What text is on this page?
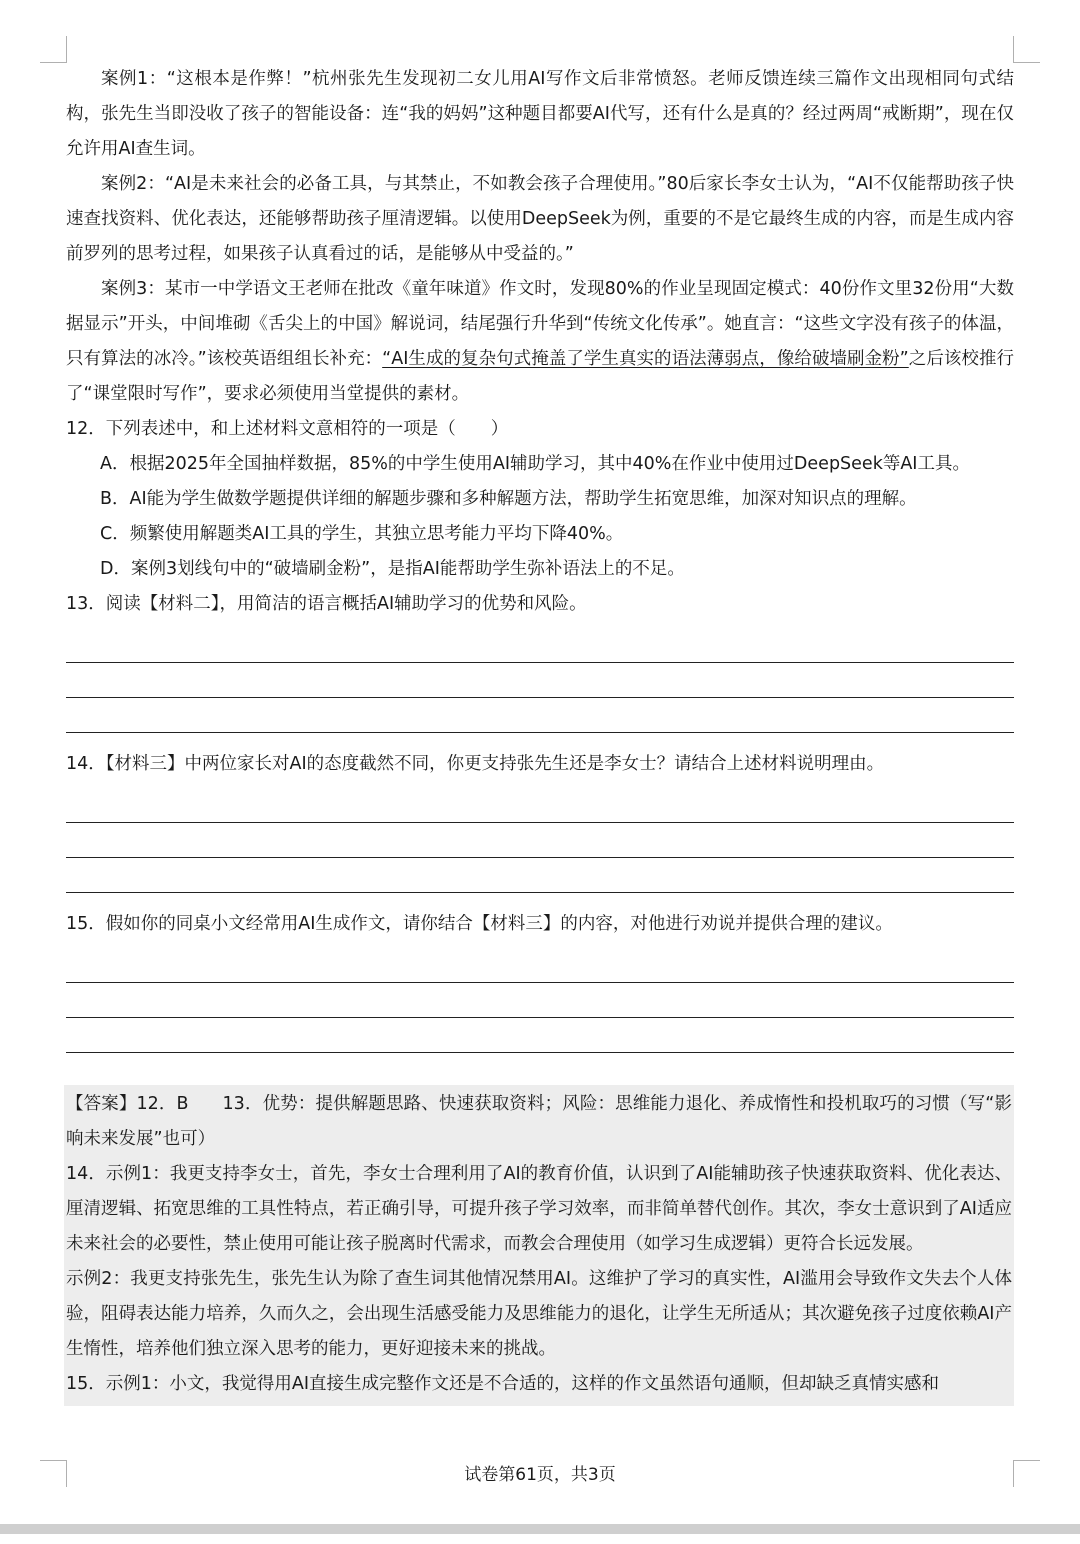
案例1：“这根本是作弊！”杭州张先生发现初二女儿用AI写作文后非常愤怒。老师反馈连续三篇作文出现相同句式结构，张先生当即没收了孩子的智能设备：连“我的妈妈”这种题目都要AI代写，还有什么是真的？经过两周“戒断期”，现在仅允许用AI查生词。

案例2：“AI是未来社会的必备工具，与其禁止，不如教会孩子合理使用。”80后家长李女士认为，“AI不仅能帮助孩子快速查找资料、优化表达，还能够帮助孩子厘清逻辑。以使用DeepSeek为例，重要的不是它最终生成的内容，而是生成内容前罗列的思考过程，如果孩子认真看过的话，是能够从中受益的。”

案例3：某市一中学语文王老师在批改《童年味道》作文时，发现80%的作业呈现固定模式：40份作文里32份用“大数据显示”开头，中间堆砌《舌尖上的中国》解说词，结尾强行升华到“传统文化传承”。她直言：“这些文字没有孩子的体温，只有算法的冰冷。”该校英语组组长补充：“AI生成的复杂句式掩盖了学生真实的语法薄弱点，像给破墙刷金粉”之后该校推行了“课堂限时写作”，要求必须使用当堂提供的素材。

12．下列表述中，和上述材料文意相符的一项是（　　）

A．根据2025年全国抽样数据，85%的中学生使用AI辅助学习，其中40%在作业中使用过DeepSeek等AI工具。

B．AI能为学生做数学题提供详细的解题步骤和多种解题方法，帮助学生拓宽思维，加深对知识点的理解。

C．频繁使用解题类AI工具的学生，其独立思考能力平均下降40%。

D．案例3划线句中的“破墙刷金粉”，是指AI能帮助学生弥补语法上的不足。

13．阅读【材料二】，用简洁的语言概括AI辅助学习的优势和风险。

14．【材料三】中两位家长对AI的态度截然不同，你更支持张先生还是李女士？请结合上述材料说明理由。

15．假如你的同桌小文经常用AI生成作文，请你结合【材料三】的内容，对他进行劝说并提供合理的建议。

【答案】12．B 13．优势：提供解题思路、快速获取资料；风险：思维能力退化、养成惰性和投机取巧的习惯（写“影响未来发展”也可）

14．示例1：我更支持李女士，首先，李女士合理利用了AI的教育价值，认识到了AI能辅助孩子快速获取资料、优化表达、厘清逻辑、拓宽思维的工具性特点，若正确引导，可提升孩子学习效率，而非简单替代创作。其次，李女士意识到了AI适应未来社会的必要性，禁止使用可能让孩子脱离时代需求，而教会合理使用（如学习生成逻辑）更符合长远发展。

示例2：我更支持张先生，张先生认为除了查生词其他情况禁用AI。这维护了学习的真实性，AI滥用会导致作文失去个人体验，阻碍表达能力培养，久而久之，会出现生活感受能力及思维能力的退化，让学生无所适从；其次避免孩子过度依赖AI产生惰性，培养他们独立深入思考的能力，更好迎接未来的挑战。

15．示例1：小文，我觉得用AI直接生成完整作文还是不合适的，这样的作文虽然语句通顺，但却缺乏真情实感和

试卷第61页，共3页
